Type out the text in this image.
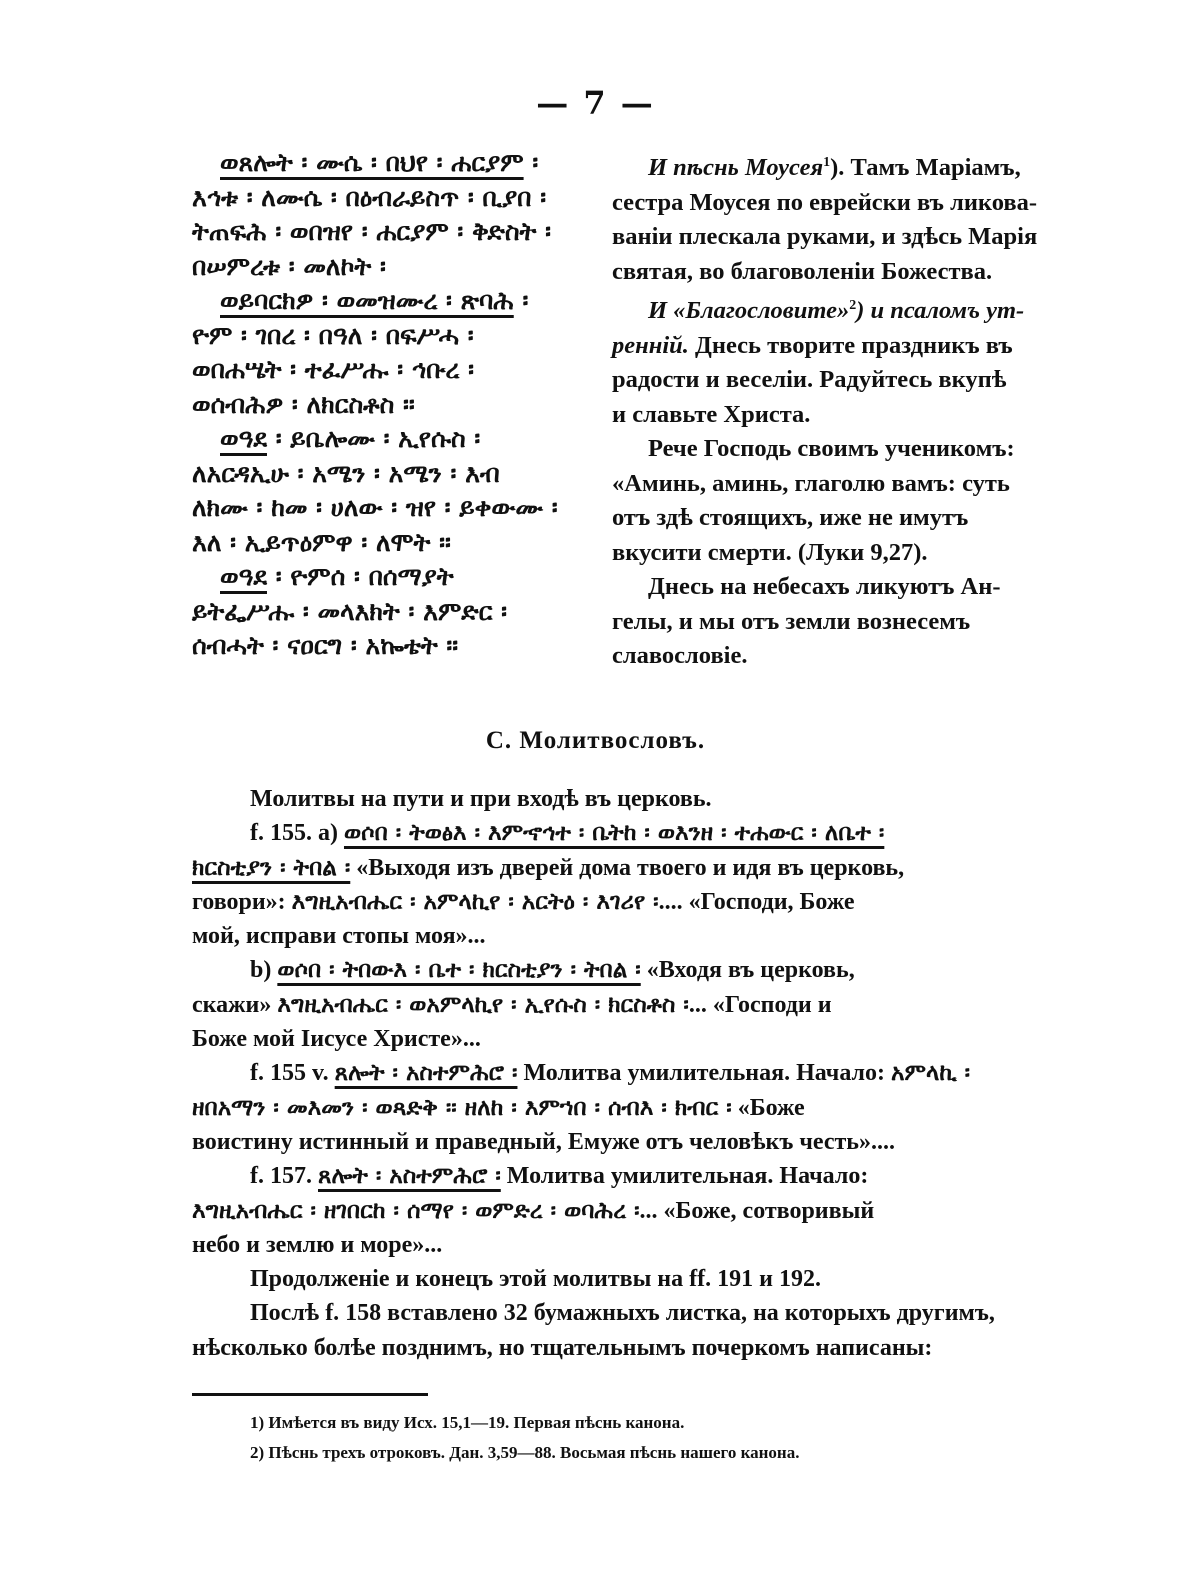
— 7 —
ወጸሎት ፡ ሙሴ ፡ በህየ ፡ ሐርያም ፡
እኅቱ ፡ ለሙሴ ፡ በዕብራይስጥ ፡ ቢያበ ፡
ትጠፍሕ ፡ ወበዝየ ፡ ሐርያም ፡ ቅድስት ፡
በሠምረቱ ፡ መለኮት ፡
ወይባርክዎ ፡ ወመዝሙረ ፡ ጽባሕ ፡
ዮም ፡ ገበረ ፡ በዓለ ፡ በፍሥሓ ፡
ወበሐሤት ፡ ተፈሥሑ ፡ ኅቡረ ፡
ወሰብሕዎ ፡ ለክርስቶስ ፡፡
ወዓደ ፡ ይቤሎሙ ፡ ኢየሱስ ፡
ለአርዳኢሁ ፡ አሜን ፡ አሜን ፡ እብ
ለክሙ ፡ ከመ ፡ ሀለው ፡ ዝየ ፡ ይቀውሙ ፡
እለ ፡ ኢይጥዕምዋ ፡ ለሞት ፡፡
ወዓደ ፡ ዮምሰ ፡ በሰማያት
ይትፌሥሑ ፡ መላእክት ፡ እምድር ፡
ሰብሓት ፡ ናዐርግ ፡ አኰቴት ፡፡
И пѣснь Моусея$^1$). Тамъ Маріамъ,
сестра Моусея по еврейски въ ликова-
ваніи плескала руками, и здѣсь Марія
святая, во благоволеніи Божества.
И «Благословите»$^2$) и псаломъ ут-
ренній. Днесь творите праздникъ въ
радости и веселіи. Радуйтесь вкупѣ
и славьте Христа.
Рече Господь своимъ ученикомъ:
«Аминь, аминь, глаголю вамъ: суть
отъ здѣ стоящихъ, иже не имутъ
вкусити смерти. (Луки 9,27).
Днесь на небесахъ ликуютъ Ан-
гелы, и мы отъ земли вознесемъ
славословіе.
С. Молитвословъ.
Молитвы на пути и при входѣ въ церковь.
f. 155. a) ወሶበ ፡ ትወፅእ ፡ እምኆኅተ ፡ ቤትከ ፡ ወእንዘ ፡ ተሐውር ፡ ለቤተ ፡
ክርስቲያን ፡ ትበል ፡ «Выходя изъ дверей дома твоего и идя въ церковь,
говори»: እግዚአብሔር ፡ አምላኪየ ፡ አርትዕ ፡ እገሪየ ፡.... «Господи, Боже
мой, исправи стопы моя»...
b) ወሶበ ፡ ትበውእ ፡ ቤተ ፡ ክርስቲያን ፡ ትበል ፡ «Входя въ церковь,
скажи» እግዚአብሔር ፡ ወአምላኪየ ፡ ኢየሱስ ፡ ክርስቶስ ፡... «Господи и
Боже мой Іисусе Христе»...
f. 155 v. ጸሎት ፡ አስተምሕሮ ፡ Молитва умилительная. Начало: አምላኪ ፡
ዘበአማን ፡ መእመን ፡ ወጻድቅ ፡፡ ዘለከ ፡ እምኀበ ፡ ሰብእ ፡ ክብር ፡ «Боже
воистину истинный и праведный, Емуже отъ человѣкъ честь»....
f. 157. ጸሎት ፡ አስተምሕሮ ፡ Молитва умилительная. Начало:
እግዚአብሔር ፡ ዘገበርከ ፡ ሰማየ ፡ ወምድረ ፡ ወባሕረ ፡... «Боже, сотворивый
небо и землю и море»...
Продолженіе и конецъ этой молитвы на ff. 191 и 192.
Послѣ f. 158 вставлено 32 бумажныхъ листка, на которыхъ другимъ,
нѣсколько болѣе позднимъ, но тщательнымъ почеркомъ написаны:
1) Имѣется въ виду Исх. 15,1—19. Первая пѣснь канона.
2) Пѣснь трехъ отроковъ. Дан. 3,59—88. Восьмая пѣснь нашего канона.
